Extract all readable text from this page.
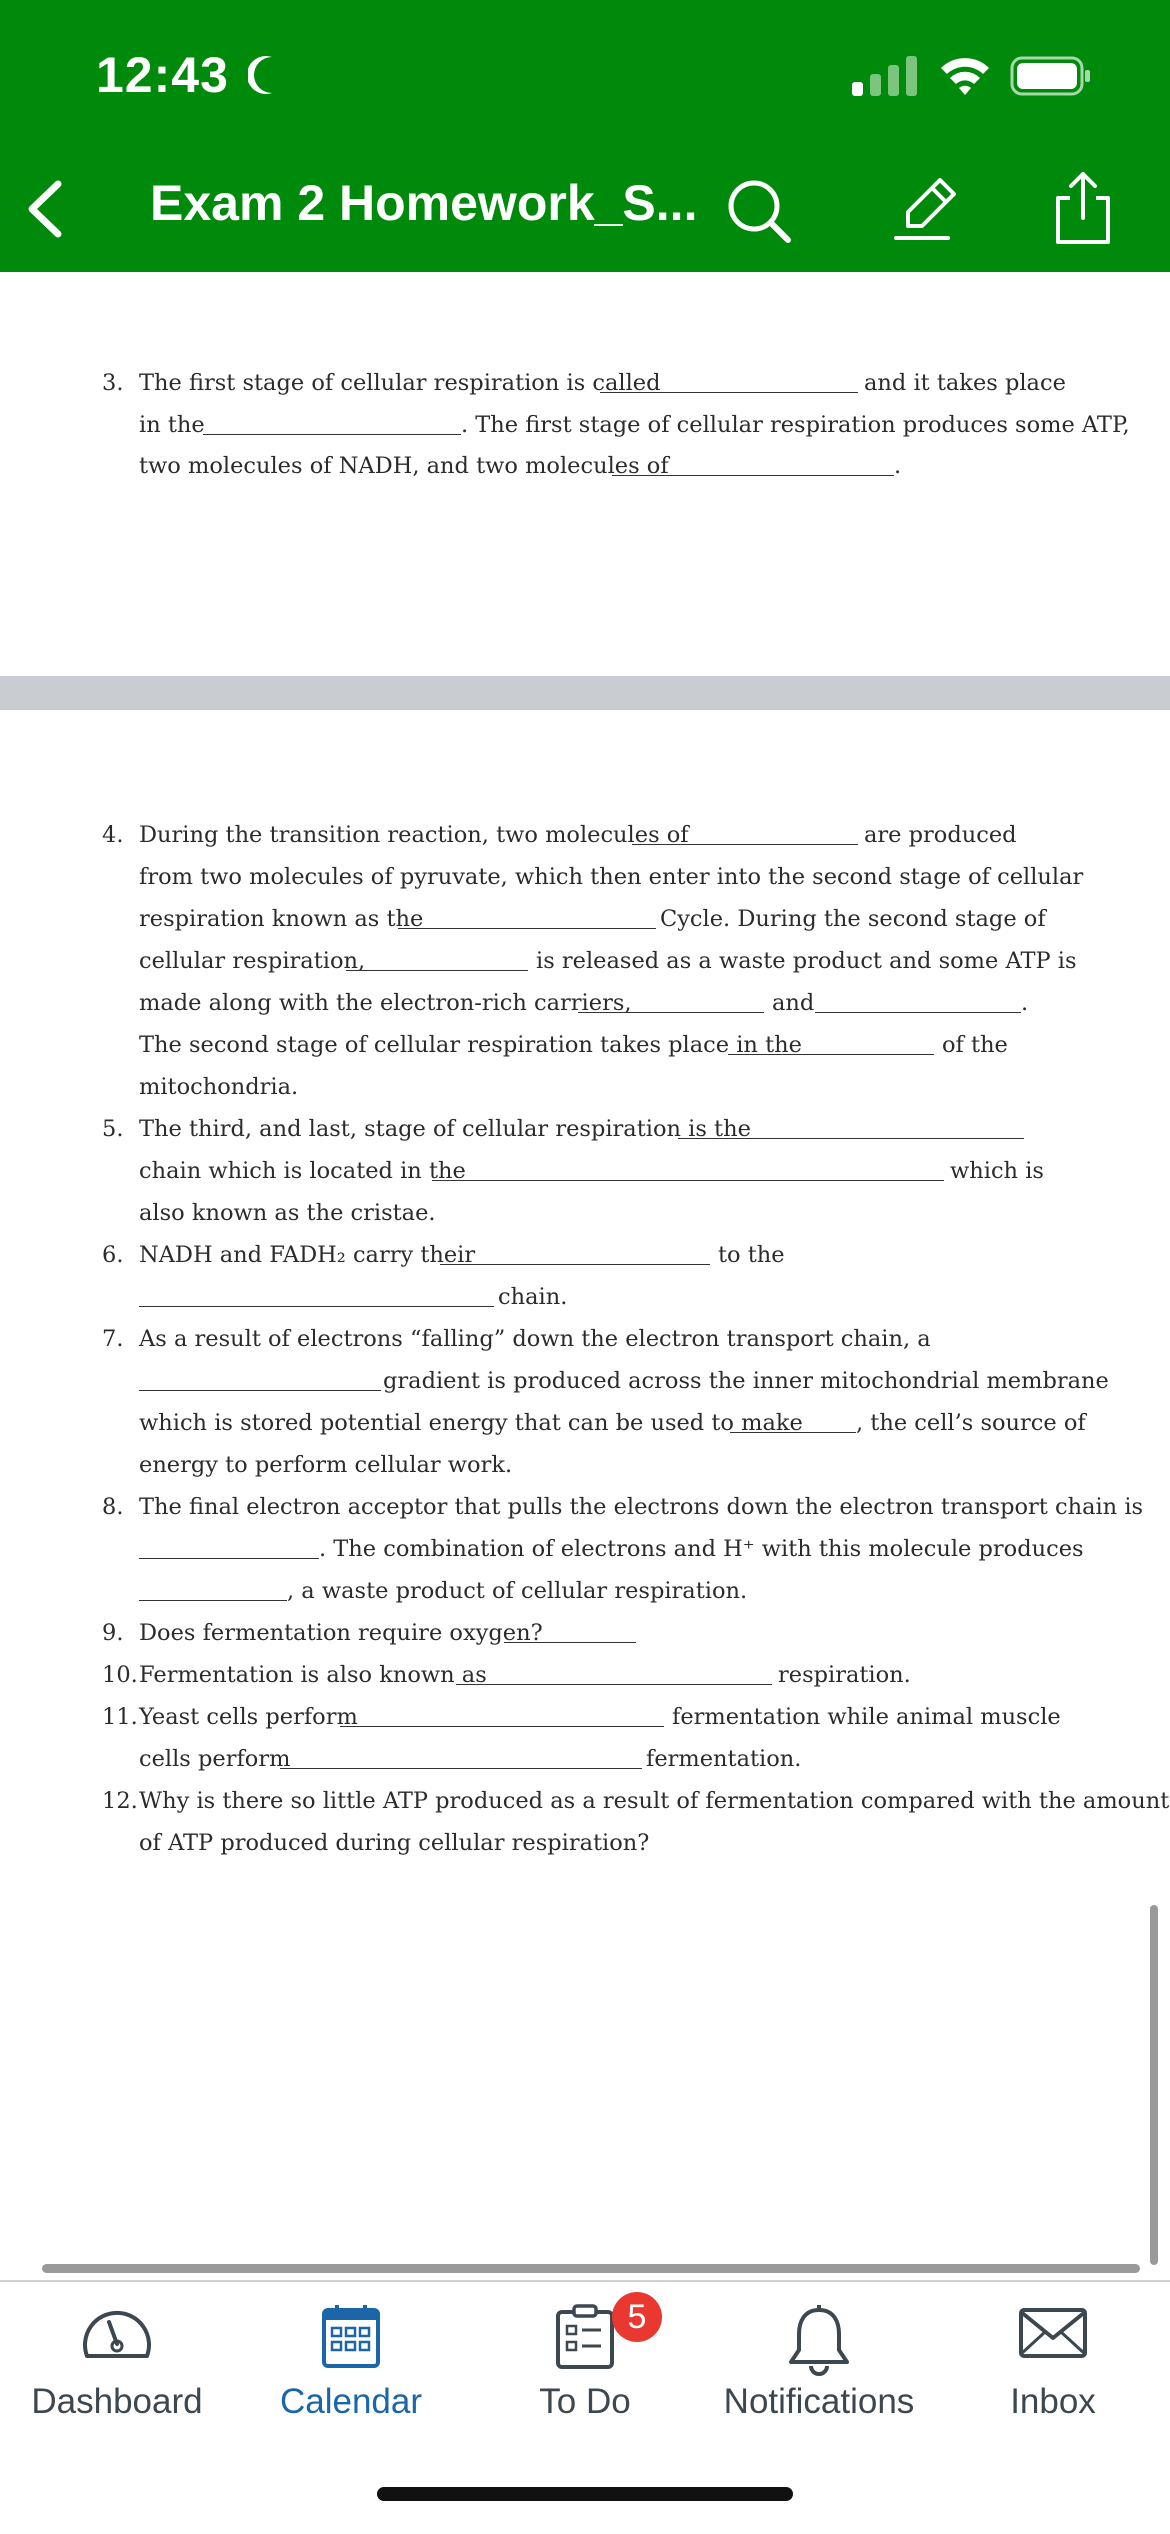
12:43
Exam 2 Homework_S...
3. The first stage of cellular respiration is called	and it takes place
in the	. The first stage of cellular respiration produces some ATP,
two molecules of NADH, and two molecules of	.
4. During the transition reaction, two molecules of	are produced
from two molecules of pyruvate, which then enter into the second stage of cellular
respiration known as the	Cycle. During the second stage of
cellular respiration,	is released as a waste product and some ATP is
made along with the electron-rich carriers,	and	.
The second stage of cellular respiration takes place in the	of the
mitochondria.
5. The third, and last, stage of cellular respiration is the
chain which is located in the	which is
also known as the cristae.
6. NADH and FADH₂ carry their	to the
chain.
7. As a result of electrons “falling” down the electron transport chain, a
gradient is produced across the inner mitochondrial membrane
which is stored potential energy that can be used to make , the cell’s source of
energy to perform cellular work.
8. The final electron acceptor that pulls the electrons down the electron transport chain is
. The combination of electrons and H⁺ with this molecule produces
, a waste product of cellular respiration.
9. Does fermentation require oxygen?
10. Fermentation is also known as	respiration.
11. Yeast cells perform	fermentation while animal muscle
cells perform	fermentation.
12. Why is there so little ATP produced as a result of fermentation compared with the amount
of ATP produced during cellular respiration?
Dashboard	Calendar	To Do	Notifications	Inbox
5
